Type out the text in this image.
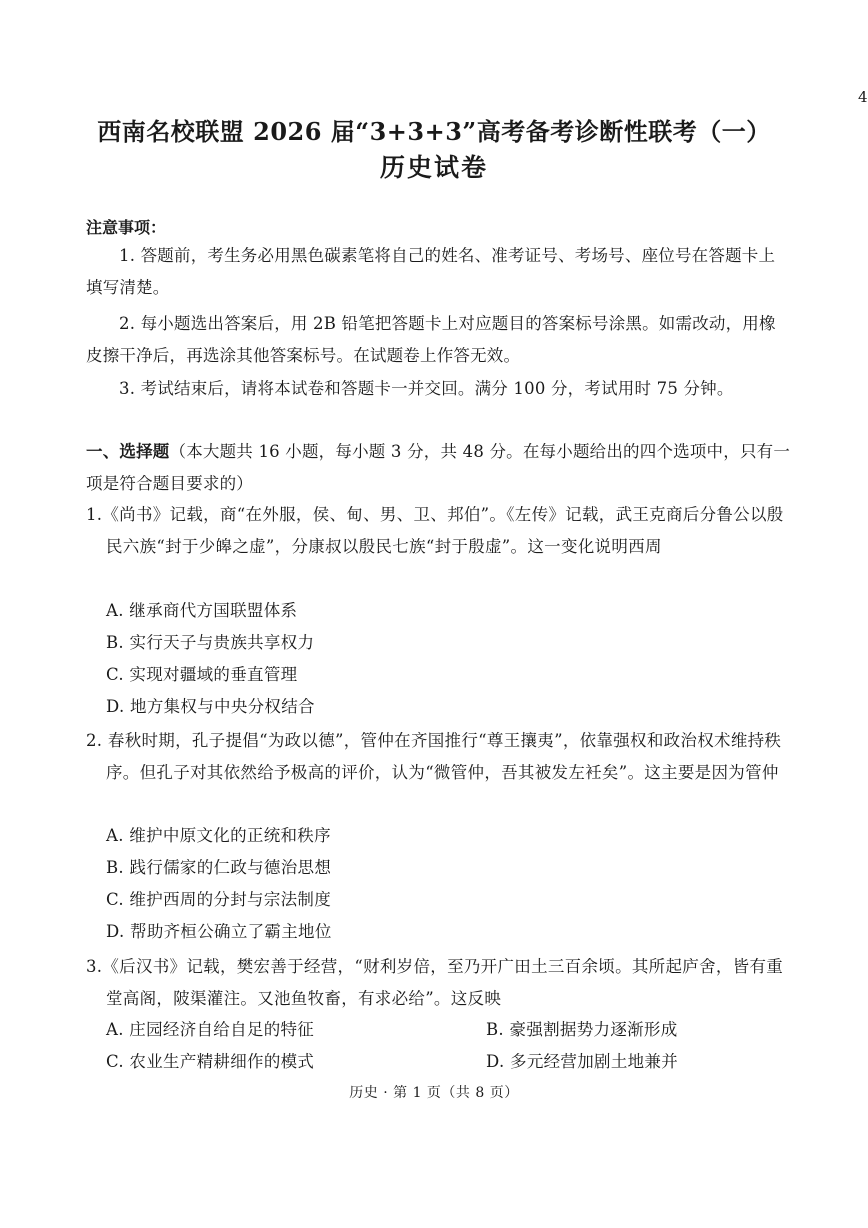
4
西南名校联盟 2026 届“3+3+3”高考备考诊断性联考（一）
历史试卷
注意事项：
1. 答题前，考生务必用黑色碳素笔将自己的姓名、准考证号、考场号、座位号在答题卡上填写清楚。
2. 每小题选出答案后，用 2B 铅笔把答题卡上对应题目的答案标号涂黑。如需改动，用橡皮擦干净后，再选涂其他答案标号。在试题卷上作答无效。
3. 考试结束后，请将本试卷和答题卡一并交回。满分 100 分，考试用时 75 分钟。
一、选择题（本大题共 16 小题，每小题 3 分，共 48 分。在每小题给出的四个选项中，只有一项是符合题目要求的）
1.《尚书》记载，商“在外服，侯、甸、男、卫、邦伯”。《左传》记载，武王克商后分鲁公以殷民六族“封于少皞之虚”，分康叔以殷民七族“封于殷虚”。这一变化说明西周
A. 继承商代方国联盟体系
B. 实行天子与贵族共享权力
C. 实现对疆域的垂直管理
D. 地方集权与中央分权结合
2. 春秋时期，孔子提倡“为政以德”，管仲在齐国推行“尊王攘夷”，依靠强权和政治权术维持秩序。但孔子对其依然给予极高的评价，认为“微管仲，吾其被发左衽矣”。这主要是因为管仲
A. 维护中原文化的正统和秩序
B. 践行儒家的仁政与德治思想
C. 维护西周的分封与宗法制度
D. 帮助齐桓公确立了霸主地位
3.《后汉书》记载，樊宏善于经营，“财利岁倍，至乃开广田土三百余顷。其所起庐舍，皆有重堂高阁，陂渠灌注。又池鱼牧畜，有求必给”。这反映
A. 庄园经济自给自足的特征	B. 豪强割据势力逐渐形成
C. 农业生产精耕细作的模式	D. 多元经营加剧土地兼并
历史 · 第 1 页（共 8 页）
